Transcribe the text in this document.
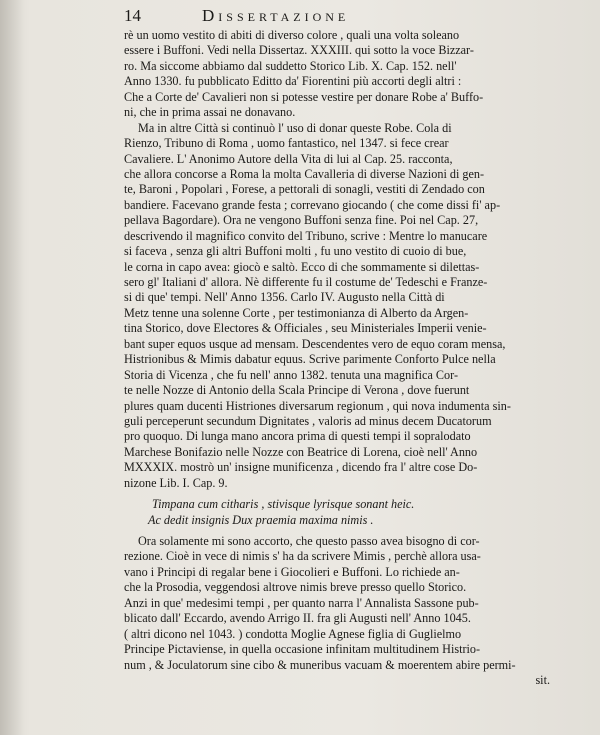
14	Dissertazione
rè un uomo vestito di abiti di diverso colore , quali una volta soleano
essere i Buffoni. Vedi nella Dissertaz. XXXIII. qui sotto la voce Bizzar-
ro. Ma siccome abbiamo dal suddetto Storico Lib. X. Cap. 152. nell'
Anno 1330. fu pubblicato Editto da' Fiorentini più accorti degli altri :
Che a Corte de' Cavalieri non si potesse vestire per donare Robe a' Buffo-
ni, che in prima assai ne donavano.
Ma in altre Città si continuò l' uso di donar queste Robe. Cola di
Rienzo, Tribuno di Roma , uomo fantastico, nel 1347. si fece crear
Cavaliere. L' Anonimo Autore della Vita di lui al Cap. 25. racconta,
che allora concorse a Roma la molta Cavalleria di diverse Nazioni di gen-
te, Baroni , Popolari , Forese, a pettorali di sonagli, vestiti di Zendado con
bandiere. Facevano grande festa ; correvano giocando ( che come dissi fi' ap-
pellava Bagordare). Ora ne vengono Buffoni senza fine. Poi nel Cap. 27,
descrivendo il magnifico convito del Tribuno, scrive : Mentre lo manucare
si faceva , senza gli altri Buffoni molti , fu uno vestito di cuoio di bue,
le corna in capo avea: giocò e saltò. Ecco di che sommamente si dilettas-
sero gl' Italiani d' allora. Nè differente fu il costume de' Tedeschi e Franze-
si di que' tempi. Nell' Anno 1356. Carlo IV. Augusto nella Città di
Metz tenne una solenne Corte , per testimonianza di Alberto da Argen-
tina Storico, dove Electores & Officiales , seu Ministeriales Imperii venie-
bant super equos usque ad mensam. Descendentes vero de equo coram mensa,
Histrionibus & Mimis dabatur equus. Scrive parimente Conforto Pulce nella
Storia di Vicenza , che fu nell' anno 1382. tenuta una magnifica Cor-
te nelle Nozze di Antonio della Scala Principe di Verona , dove fuerunt
plures quam ducenti Histriones diversarum regionum , qui nova indumenta sin-
guli perceperunt secundum Dignitates , valoris ad minus decem Ducatorum
pro quoquo. Di lunga mano ancora prima di questi tempi il sopralodato
Marchese Bonifazio nelle Nozze con Beatrice di Lorena, cioè nell' Anno
MXXXIX. mostrò un' insigne munificenza , dicendo fra l' altre cose Do-
nizone Lib. I. Cap. 9.
Timpana cum citharis , stivisque lyrisque sonant heic.
Ac dedit insignis Dux praemia maxima nimis .
Ora solamente mi sono accorto, che questo passo avea bisogno di cor-
rezione. Cioè in vece di nimis s' ha da scrivere Mimis , perchè allora usa-
vano i Principi di regalar bene i Giocolieri e Buffoni. Lo richiede an-
che la Prosodia, veggendosi altrove nimis breve presso quello Storico.
Anzi in que' medesimi tempi , per quanto narra l' Annalista Sassone pub-
blicato dall' Eccardo, avendo Arrigo II. fra gli Augusti nell' Anno 1045.
( altri dicono nel 1043. ) condotta Moglie Agnese figlia di Guglielmo
Principe Pictaviense, in quella occasione infinitam multitudinem Histrio-
num , & Joculatorum sine cibo & muneribus vacuam & moerentem abire permi-
sit.
